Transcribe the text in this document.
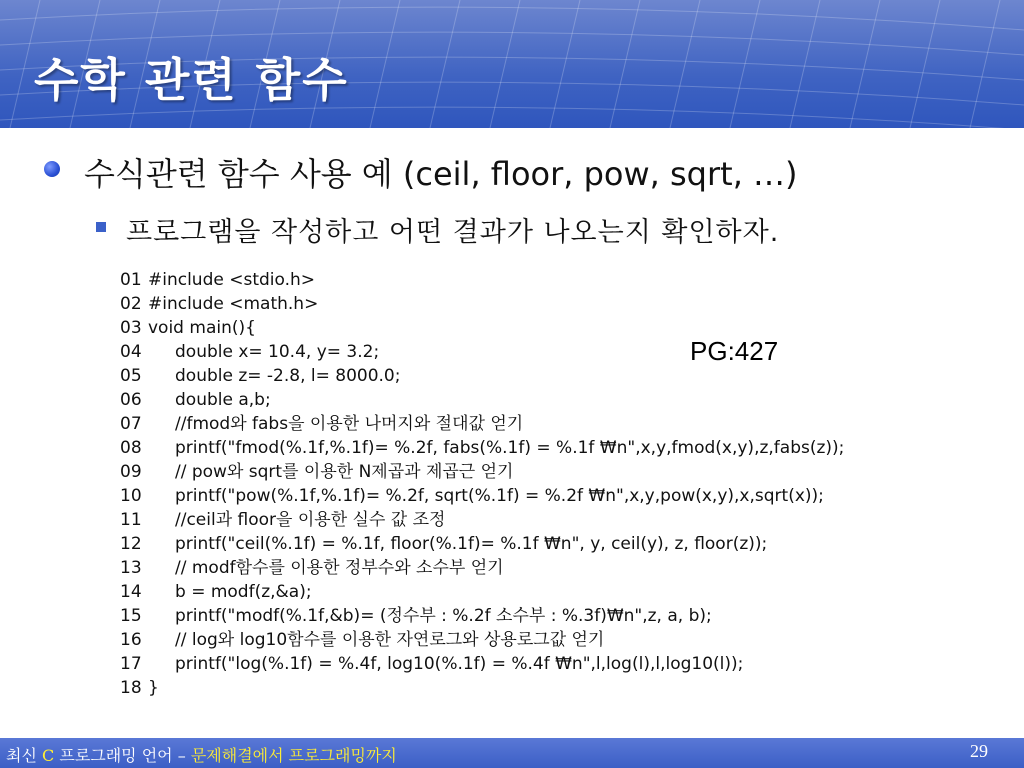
수학 관련 함수
수식관련 함수 사용 예 (ceil, floor, pow, sqrt, …)
프로그램을 작성하고 어떤 결과가 나오는지 확인하자.
01 #include <stdio.h>
02 #include <math.h>
03 void main(){
04 double x= 10.4, y= 3.2;
05 double z= -2.8, l= 8000.0;
06 double a,b;
07 //fmod와 fabs을 이용한 나머지와 절대값 얻기
08 printf("fmod(%.1f,%.1f)= %.2f, fabs(%.1f) = %.1f ₩n",x,y,fmod(x,y),z,fabs(z));
09 // pow와 sqrt를 이용한 N제곱과 제곱근 얻기
10 printf("pow(%.1f,%.1f)= %.2f, sqrt(%.1f) = %.2f ₩n",x,y,pow(x,y),x,sqrt(x));
11 //ceil과 floor을 이용한 실수 값 조정
12 printf("ceil(%.1f) = %.1f, floor(%.1f)= %.1f ₩n", y, ceil(y), z, floor(z));
13 // modf함수를 이용한 정부수와 소수부 얻기
14 b = modf(z,&a);
15 printf("modf(%.1f,&b)= (정수부 : %.2f 소수부 : %.3f)₩n",z, a, b);
16 // log와 log10함수를 이용한 자연로그와 상용로그값 얻기
17 printf("log(%.1f) = %.4f, log10(%.1f) = %.4f ₩n",l,log(l),l,log10(l));
18 }
PG:427
최신 C 프로그래밍 언어 – 문제해결에서 프로그래밍까지	29
